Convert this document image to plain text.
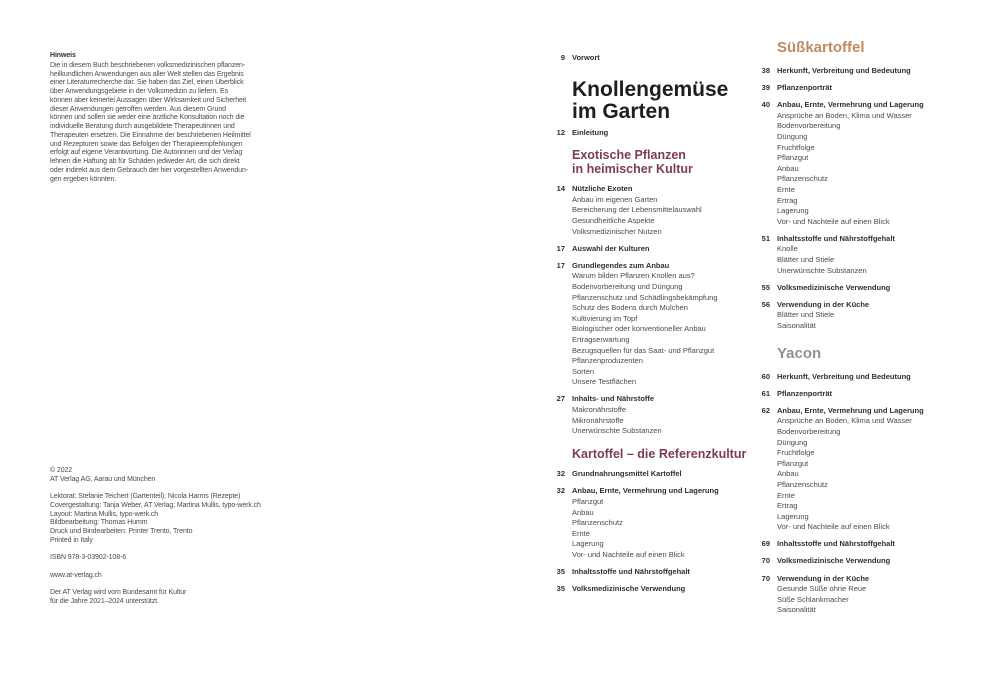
Hinweis
Die in diesem Buch beschriebenen volksmedizinischen pflanzen-
heilkundlichen Anwendungen aus aller Welt stellen das Ergebnis
einer Literaturrecherche dar. Sie haben das Ziel, einen Überblick
über Anwendungsgebiete in der Volksmedizin zu liefern. Es
können aber keinerlei Aussagen über Wirksamkeit und Sicherheit
dieser Anwendungen getroffen werden. Aus diesem Grund
können und sollen sie weder eine ärztliche Konsultation noch die
individuelle Beratung durch ausgebildete Therapeutinnen und
Therapeuten ersetzen. Die Einnahme der beschriebenen Heilmittel
und Rezepturen sowie das Befolgen der Therapieempfehlungen
erfolgt auf eigene Verantwortung. Die Autorinnen und der Verlag
lehnen die Haftung ab für Schäden jedweder Art, die sich direkt
oder indirekt aus dem Gebrauch der hier vorgestellten Anwendun-
gen ergeben könnten.
© 2022
AT Verlag AG, Aarau und München
Lektorat: Stefanie Teichert (Gartenteil); Nicola Harms (Rezepte)
Covergestaltung: Tanja Weber, AT Verlag; Martina Mullis, typo-werk.ch
Layout: Martina Mullis, typo-werk.ch
Bildbearbeitung: Thomas Humm
Druck und Bindearbeiten: Printer Trento, Trento
Printed in Italy
ISBN 978-3-03902-108-6
www.at-verlag.ch
Der AT Verlag wird vom Bundesamt für Kultur
für die Jahre 2021–2024 unterstützt.
9 Vorwort
Knollengemüse
im Garten
12 Einleitung
Exotische Pflanzen
in heimischer Kultur
14 Nützliche Exoten
Anbau im eigenen Garten
Bereicherung der Lebensmittelauswahl
Gesundheitliche Aspekte
Volksmedizinischer Nutzen
17 Auswahl der Kulturen
17 Grundlegendes zum Anbau
Warum bilden Pflanzen Knollen aus?
Bodenvorbereitung und Düngung
Pflanzenschutz und Schädlingsbekämpfung
Schutz des Bodens durch Mulchen
Kultivierung im Topf
Biologischer oder konventioneller Anbau
Ertragserwartung
Bezugsquellen für das Saat- und Pflanzgut
Pflanzenproduzenten
Sorten
Unsere Testflächen
27 Inhalts- und Nährstoffe
Makronährstoffe
Mikronährstoffe
Unerwünschte Substanzen
Kartoffel – die Referenzkultur
32 Grundnahrungsmittel Kartoffel
32 Anbau, Ernte, Vermehrung und Lagerung
Pflanzgut
Anbau
Pflanzenschutz
Ernte
Lagerung
Vor- und Nachteile auf einen Blick
35 Inhaltsstoffe und Nährstoffgehalt
35 Volksmedizinische Verwendung
Süßkartoffel
38 Herkunft, Verbreitung und Bedeutung
39 Pflanzenporträt
40 Anbau, Ernte, Vermehrung und Lagerung
Ansprüche an Boden, Klima und Wasser
Bodenvorbereitung
Düngung
Fruchtfolge
Pflanzgut
Anbau
Pflanzenschutz
Ernte
Ertrag
Lagerung
Vor- und Nachteile auf einen Blick
51 Inhaltsstoffe und Nährstoffgehalt
Knolle
Blätter und Stiele
Unerwünschte Substanzen
55 Volksmedizinische Verwendung
56 Verwendung in der Küche
Blätter und Stiele
Saisonalität
Yacon
60 Herkunft, Verbreitung und Bedeutung
61 Pflanzenporträt
62 Anbau, Ernte, Vermehrung und Lagerung
Ansprüche an Boden, Klima und Wasser
Bodenvorbereitung
Düngung
Fruchtfolge
Pflanzgut
Anbau
Pflanzenschutz
Ernte
Ertrag
Lagerung
Vor- und Nachteile auf einen Blick
69 Inhaltsstoffe und Nährstoffgehalt
70 Volksmedizinische Verwendung
70 Verwendung in der Küche
Gesunde Süße ohne Reue
Süße Schlankmacher
Saisonalität
